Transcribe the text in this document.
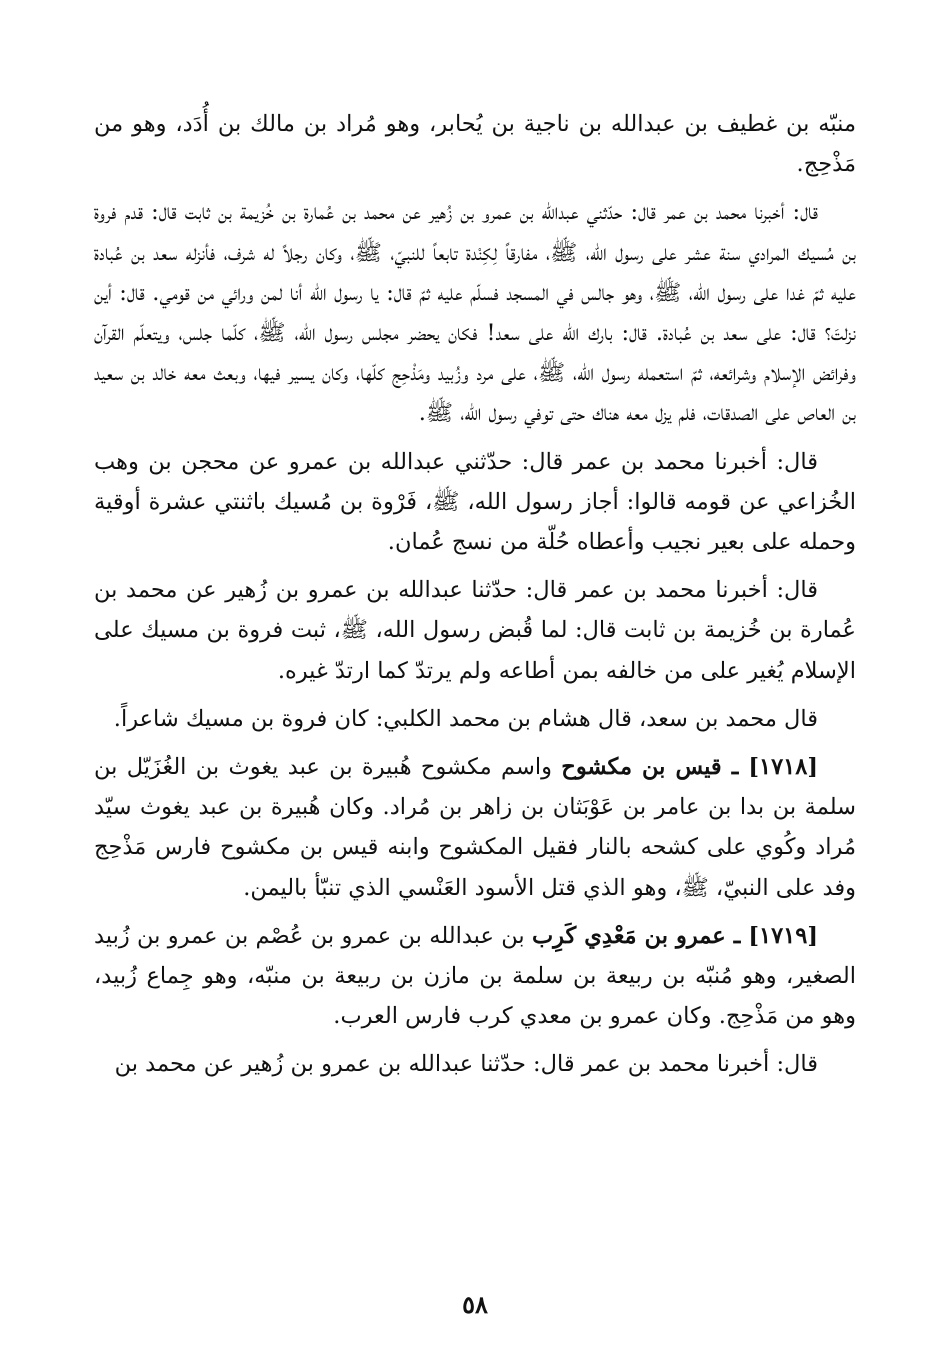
منبّه بن غطيف بن عبدالله بن ناجية بن يُحابر، وهو مُراد بن مالك بن أُدَد، وهو من مَذْحِج.

قال: أخبرنا محمد بن عمر قال: حدّثني عبدالله بن عمرو بن زُهير عن محمد بن عُمارة بن خُزيمة بن ثابت قال: قدم فروة بن مُسيك المرادي سنة عشر على رسول الله، ﷺ، مفارقاً لِكِنْدة تابعاً للنبيّ، ﷺ، وكان رجلاً له شرف، فأنزله سعد بن عُبادة عليه ثمّ غدا على رسول الله، ﷺ، وهو جالس في المسجد فسلّم عليه ثمّ قال: يا رسول الله أنا لمن ورائي من قومي. قال: أين نزلتَ؟ قال: على سعد بن عُبادة. قال: بارك الله على سعد! فكان يحضر مجلس رسول الله، ﷺ، كلّما جلس، ويتعلّم القرآن وفرائض الإسلام وشرائعه، ثمّ استعمله رسول الله، ﷺ، على مرد وزُبيد ومَذْحِج كلّها، وكان يسير فيها، وبعث معه خالد بن سعيد بن العاص على الصدقات، فلم يزل معه هناك حتى توفي رسول الله، ﷺ.

قال: أخبرنا محمد بن عمر قال: حدّثني عبدالله بن عمرو عن محجن بن وهب الخُزاعي عن قومه قالوا: أجاز رسول الله، ﷺ، فَرْوة بن مُسيك باثنتي عشرة أوقية وحمله على بعير نجيب وأعطاه حُلّة من نسج عُمان.

قال: أخبرنا محمد بن عمر قال: حدّثنا عبدالله بن عمرو بن زُهير عن محمد بن عُمارة بن خُزيمة بن ثابت قال: لما قُبض رسول الله، ﷺ، ثبت فروة بن مسيك على الإسلام يُغير على من خالفه بمن أطاعه ولم يرتدّ كما ارتدّ غيره.

قال محمد بن سعد، قال هشام بن محمد الكلبي: كان فروة بن مسيك شاعراً.

[١٧١٨] ـ قيس بن مكشوح واسم مكشوح هُبيرة بن عبد يغوث بن الغُزَيّل بن سلمة بن بدا بن عامر بن عَوْبَثان بن زاهر بن مُراد. وكان هُبيرة بن عبد يغوث سيّد مُراد وكُوي على كشحه بالنار فقيل المكشوح وابنه قيس بن مكشوح فارس مَذْحِج وفد على النبيّ، ﷺ، وهو الذي قتل الأسود العَنْسي الذي تنبّأ باليمن.

[١٧١٩] ـ عمرو بن مَعْدِي كَرِب بن عبدالله بن عمرو بن عُصْم بن عمرو بن زُبيد الصغير، وهو مُنبّه بن ربيعة بن سلمة بن مازن بن ربيعة بن منبّه، وهو جِماع زُبيد، وهو من مَذْحِج. وكان عمرو بن معدي كرب فارس العرب.

قال: أخبرنا محمد بن عمر قال: حدّثنا عبدالله بن عمرو بن زُهير عن محمد بن

٥٨
